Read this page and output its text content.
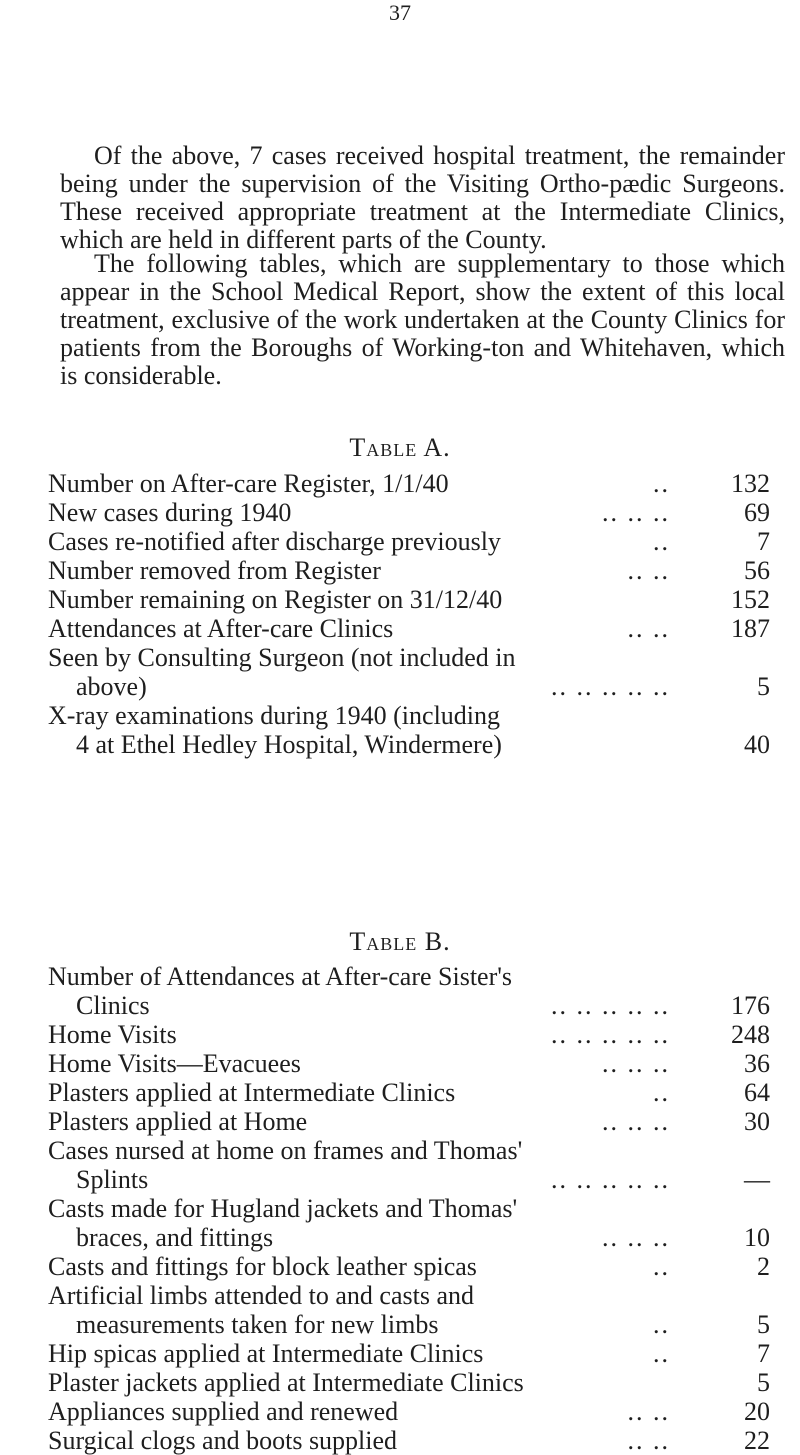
37

Of the above, 7 cases received hospital treatment, the remainder being under the supervision of the Visiting Ortho-pædic Surgeons. These received appropriate treatment at the Intermediate Clinics, which are held in different parts of the County.

The following tables, which are supplementary to those which appear in the School Medical Report, show the extent of this local treatment, exclusive of the work undertaken at the County Clinics for patients from the Boroughs of Working-ton and Whitehaven, which is considerable.

Table A.
Number on After-care Register, 1/1/40	..	132
New cases during 1940	.. .. ..	69
Cases re-notified after discharge previously	..	7
Number removed from Register	.. ..	56
Number remaining on Register on 31/12/40	152
Attendances at After-care Clinics	.. ..	187
Seen by Consulting Surgeon (not included in
above)	.. .. .. .. ..	5
X-ray examinations during 1940 (including
4 at Ethel Hedley Hospital, Windermere)	40
Table B.
Number of Attendances at After-care Sister's
Clinics	.. .. .. .. ..	176
Home Visits	.. .. .. .. ..	248
Home Visits—Evacuees	.. .. ..	36
Plasters applied at Intermediate Clinics	..	64
Plasters applied at Home	.. .. ..	30
Cases nursed at home on frames and Thomas'
Splints	.. .. .. .. ..	—
Casts made for Hugland jackets and Thomas'
braces, and fittings	.. .. ..	10
Casts and fittings for block leather spicas	..	2
Artificial limbs attended to and casts and
measurements taken for new limbs	..	5
Hip spicas applied at Intermediate Clinics	..	7
Plaster jackets applied at Intermediate Clinics	5
Appliances supplied and renewed	.. ..	20
Surgical clogs and boots supplied	.. ..	22
